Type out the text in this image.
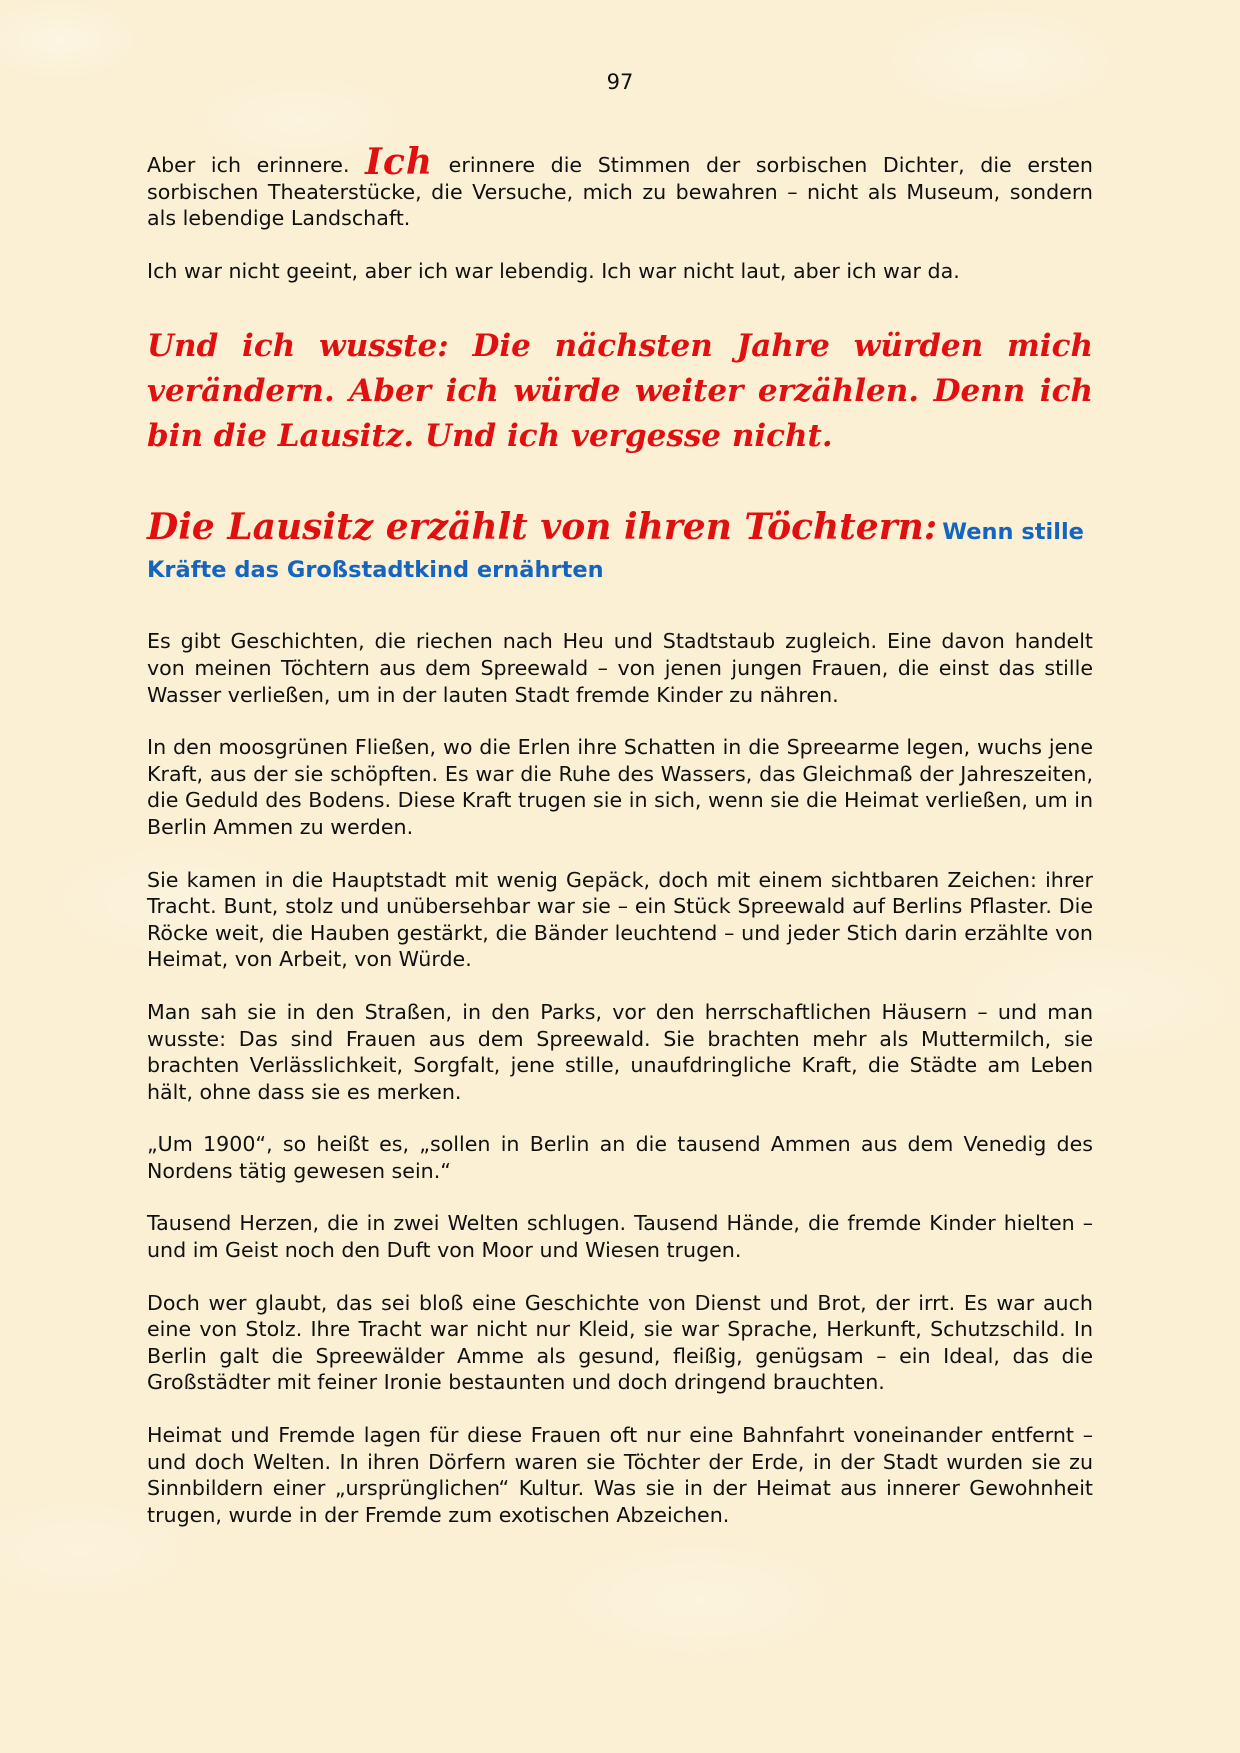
97

Aber ich erinnere. Ich erinnere die Stimmen der sorbischen Dichter, die ersten sorbischen Theaterstücke, die Versuche, mich zu bewahren – nicht als Museum, sondern als lebendige Landschaft.

Ich war nicht geeint, aber ich war lebendig. Ich war nicht laut, aber ich war da.

Und ich wusste: Die nächsten Jahre würden mich verändern. Aber ich würde weiter erzählen. Denn ich bin die Lausitz. Und ich vergesse nicht.

Die Lausitz erzählt von ihren Töchtern: Wenn stille Kräfte das Großstadtkind ernährten

Es gibt Geschichten, die riechen nach Heu und Stadtstaub zugleich. Eine davon handelt von meinen Töchtern aus dem Spreewald – von jenen jungen Frauen, die einst das stille Wasser verließen, um in der lauten Stadt fremde Kinder zu nähren.

In den moosgrünen Fließen, wo die Erlen ihre Schatten in die Spreearme legen, wuchs jene Kraft, aus der sie schöpften. Es war die Ruhe des Wassers, das Gleichmaß der Jahreszeiten, die Geduld des Bodens. Diese Kraft trugen sie in sich, wenn sie die Heimat verließen, um in Berlin Ammen zu werden.

Sie kamen in die Hauptstadt mit wenig Gepäck, doch mit einem sichtbaren Zeichen: ihrer Tracht. Bunt, stolz und unübersehbar war sie – ein Stück Spreewald auf Berlins Pflaster. Die Röcke weit, die Hauben gestärkt, die Bänder leuchtend – und jeder Stich darin erzählte von Heimat, von Arbeit, von Würde.

Man sah sie in den Straßen, in den Parks, vor den herrschaftlichen Häusern – und man wusste: Das sind Frauen aus dem Spreewald. Sie brachten mehr als Muttermilch, sie brachten Verlässlichkeit, Sorgfalt, jene stille, unaufdringliche Kraft, die Städte am Leben hält, ohne dass sie es merken.

„Um 1900“, so heißt es, „sollen in Berlin an die tausend Ammen aus dem Venedig des Nordens tätig gewesen sein.“

Tausend Herzen, die in zwei Welten schlugen. Tausend Hände, die fremde Kinder hielten – und im Geist noch den Duft von Moor und Wiesen trugen.

Doch wer glaubt, das sei bloß eine Geschichte von Dienst und Brot, der irrt. Es war auch eine von Stolz. Ihre Tracht war nicht nur Kleid, sie war Sprache, Herkunft, Schutzschild. In Berlin galt die Spreewälder Amme als gesund, fleißig, genügsam – ein Ideal, das die Großstädter mit feiner Ironie bestaunten und doch dringend brauchten.

Heimat und Fremde lagen für diese Frauen oft nur eine Bahnfahrt voneinander entfernt – und doch Welten. In ihren Dörfern waren sie Töchter der Erde, in der Stadt wurden sie zu Sinnbildern einer „ursprünglichen“ Kultur. Was sie in der Heimat aus innerer Gewohnheit trugen, wurde in der Fremde zum exotischen Abzeichen.
